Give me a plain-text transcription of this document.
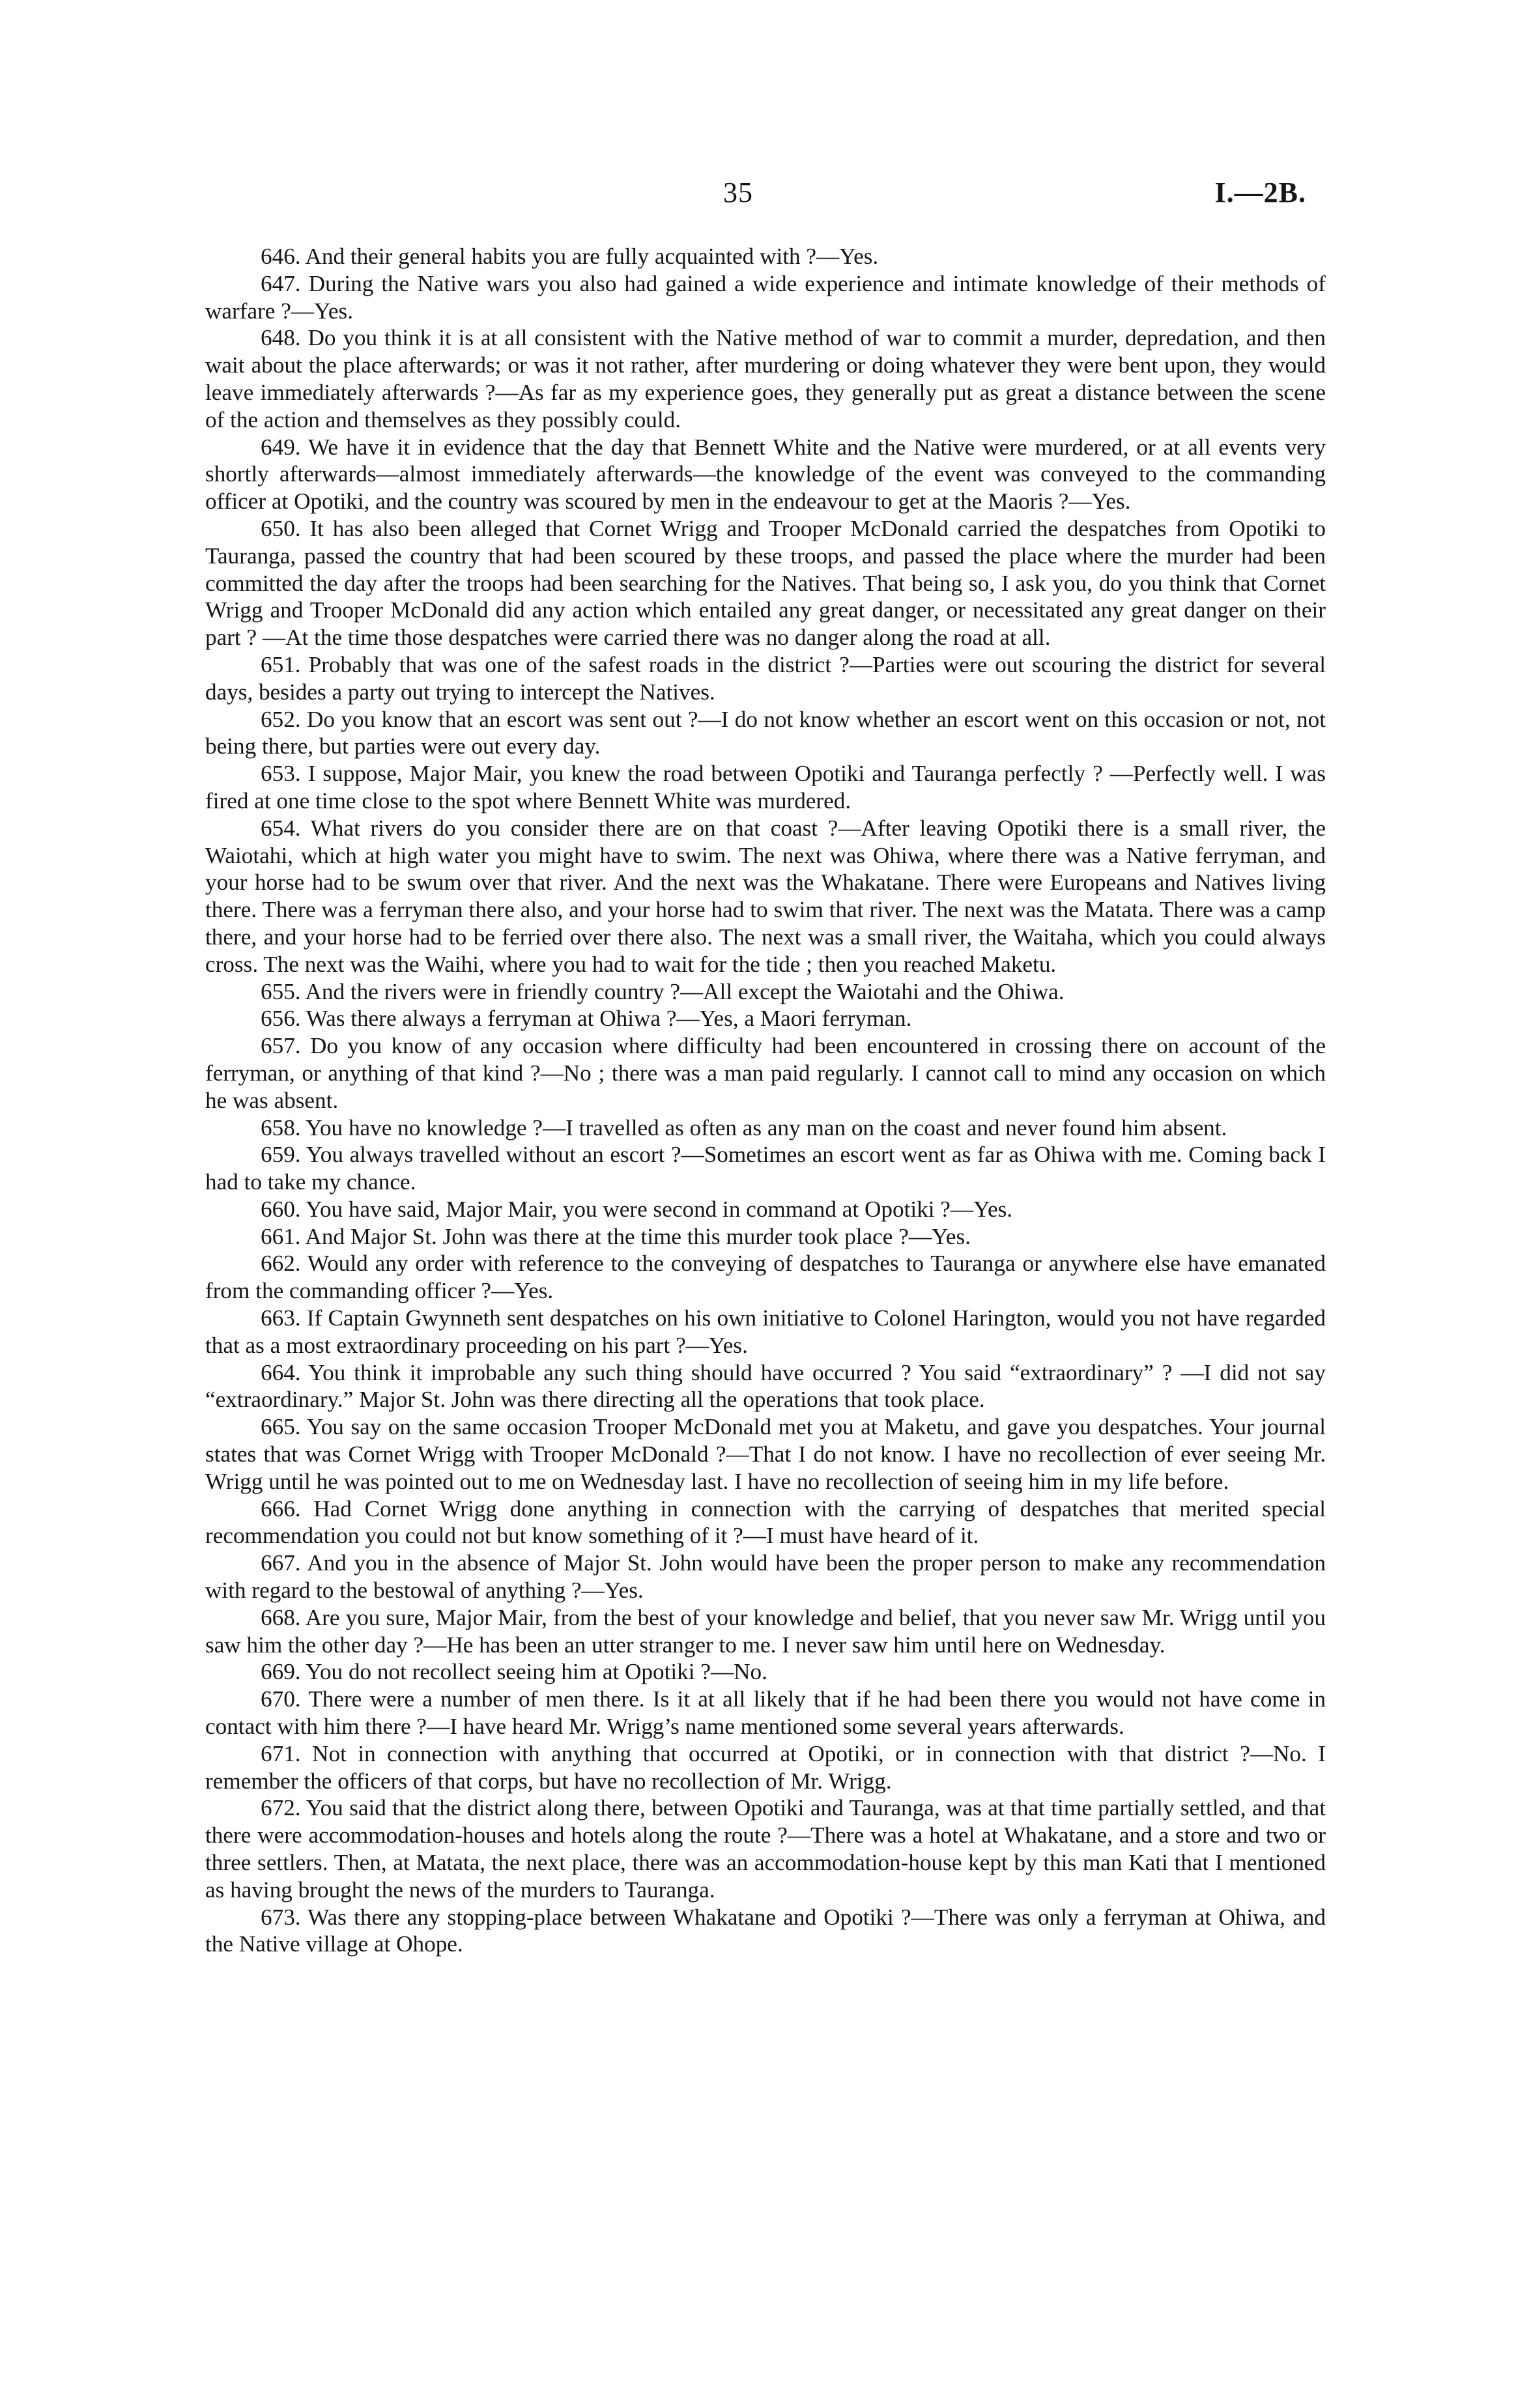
35	I.—2B.

646. And their general habits you are fully acquainted with ?—Yes.

647. During the Native wars you also had gained a wide experience and intimate knowledge of their methods of warfare ?—Yes.

648. Do you think it is at all consistent with the Native method of war to commit a murder, depredation, and then wait about the place afterwards; or was it not rather, after murdering or doing whatever they were bent upon, they would leave immediately afterwards ?—As far as my experience goes, they generally put as great a distance between the scene of the action and themselves as they possibly could.

649. We have it in evidence that the day that Bennett White and the Native were murdered, or at all events very shortly afterwards—almost immediately afterwards—the knowledge of the event was conveyed to the commanding officer at Opotiki, and the country was scoured by men in the endeavour to get at the Maoris ?—Yes.

650. It has also been alleged that Cornet Wrigg and Trooper McDonald carried the despatches from Opotiki to Tauranga, passed the country that had been scoured by these troops, and passed the place where the murder had been committed the day after the troops had been searching for the Natives. That being so, I ask you, do you think that Cornet Wrigg and Trooper McDonald did any action which entailed any great danger, or necessitated any great danger on their part ? —At the time those despatches were carried there was no danger along the road at all.

651. Probably that was one of the safest roads in the district ?—Parties were out scouring the district for several days, besides a party out trying to intercept the Natives.

652. Do you know that an escort was sent out ?—I do not know whether an escort went on this occasion or not, not being there, but parties were out every day.

653. I suppose, Major Mair, you knew the road between Opotiki and Tauranga perfectly ? —Perfectly well. I was fired at one time close to the spot where Bennett White was murdered.

654. What rivers do you consider there are on that coast ?—After leaving Opotiki there is a small river, the Waiotahi, which at high water you might have to swim. The next was Ohiwa, where there was a Native ferryman, and your horse had to be swum over that river. And the next was the Whakatane. There were Europeans and Natives living there. There was a ferryman there also, and your horse had to swim that river. The next was the Matata. There was a camp there, and your horse had to be ferried over there also. The next was a small river, the Waitaha, which you could always cross. The next was the Waihi, where you had to wait for the tide ; then you reached Maketu.

655. And the rivers were in friendly country ?—All except the Waiotahi and the Ohiwa.

656. Was there always a ferryman at Ohiwa ?—Yes, a Maori ferryman.

657. Do you know of any occasion where difficulty had been encountered in crossing there on account of the ferryman, or anything of that kind ?—No ; there was a man paid regularly. I cannot call to mind any occasion on which he was absent.

658. You have no knowledge ?—I travelled as often as any man on the coast and never found him absent.

659. You always travelled without an escort ?—Sometimes an escort went as far as Ohiwa with me. Coming back I had to take my chance.

660. You have said, Major Mair, you were second in command at Opotiki ?—Yes.

661. And Major St. John was there at the time this murder took place ?—Yes.

662. Would any order with reference to the conveying of despatches to Tauranga or anywhere else have emanated from the commanding officer ?—Yes.

663. If Captain Gwynneth sent despatches on his own initiative to Colonel Harington, would you not have regarded that as a most extraordinary proceeding on his part ?—Yes.

664. You think it improbable any such thing should have occurred ? You said “extraordinary” ? —I did not say “extraordinary.” Major St. John was there directing all the operations that took place.

665. You say on the same occasion Trooper McDonald met you at Maketu, and gave you despatches. Your journal states that was Cornet Wrigg with Trooper McDonald ?—That I do not know. I have no recollection of ever seeing Mr. Wrigg until he was pointed out to me on Wednesday last. I have no recollection of seeing him in my life before.

666. Had Cornet Wrigg done anything in connection with the carrying of despatches that merited special recommendation you could not but know something of it ?—I must have heard of it.

667. And you in the absence of Major St. John would have been the proper person to make any recommendation with regard to the bestowal of anything ?—Yes.

668. Are you sure, Major Mair, from the best of your knowledge and belief, that you never saw Mr. Wrigg until you saw him the other day ?—He has been an utter stranger to me. I never saw him until here on Wednesday.

669. You do not recollect seeing him at Opotiki ?—No.

670. There were a number of men there. Is it at all likely that if he had been there you would not have come in contact with him there ?—I have heard Mr. Wrigg’s name mentioned some several years afterwards.

671. Not in connection with anything that occurred at Opotiki, or in connection with that district ?—No. I remember the officers of that corps, but have no recollection of Mr. Wrigg.

672. You said that the district along there, between Opotiki and Tauranga, was at that time partially settled, and that there were accommodation-houses and hotels along the route ?—There was a hotel at Whakatane, and a store and two or three settlers. Then, at Matata, the next place, there was an accommodation-house kept by this man Kati that I mentioned as having brought the news of the murders to Tauranga.

673. Was there any stopping-place between Whakatane and Opotiki ?—There was only a ferryman at Ohiwa, and the Native village at Ohope.
